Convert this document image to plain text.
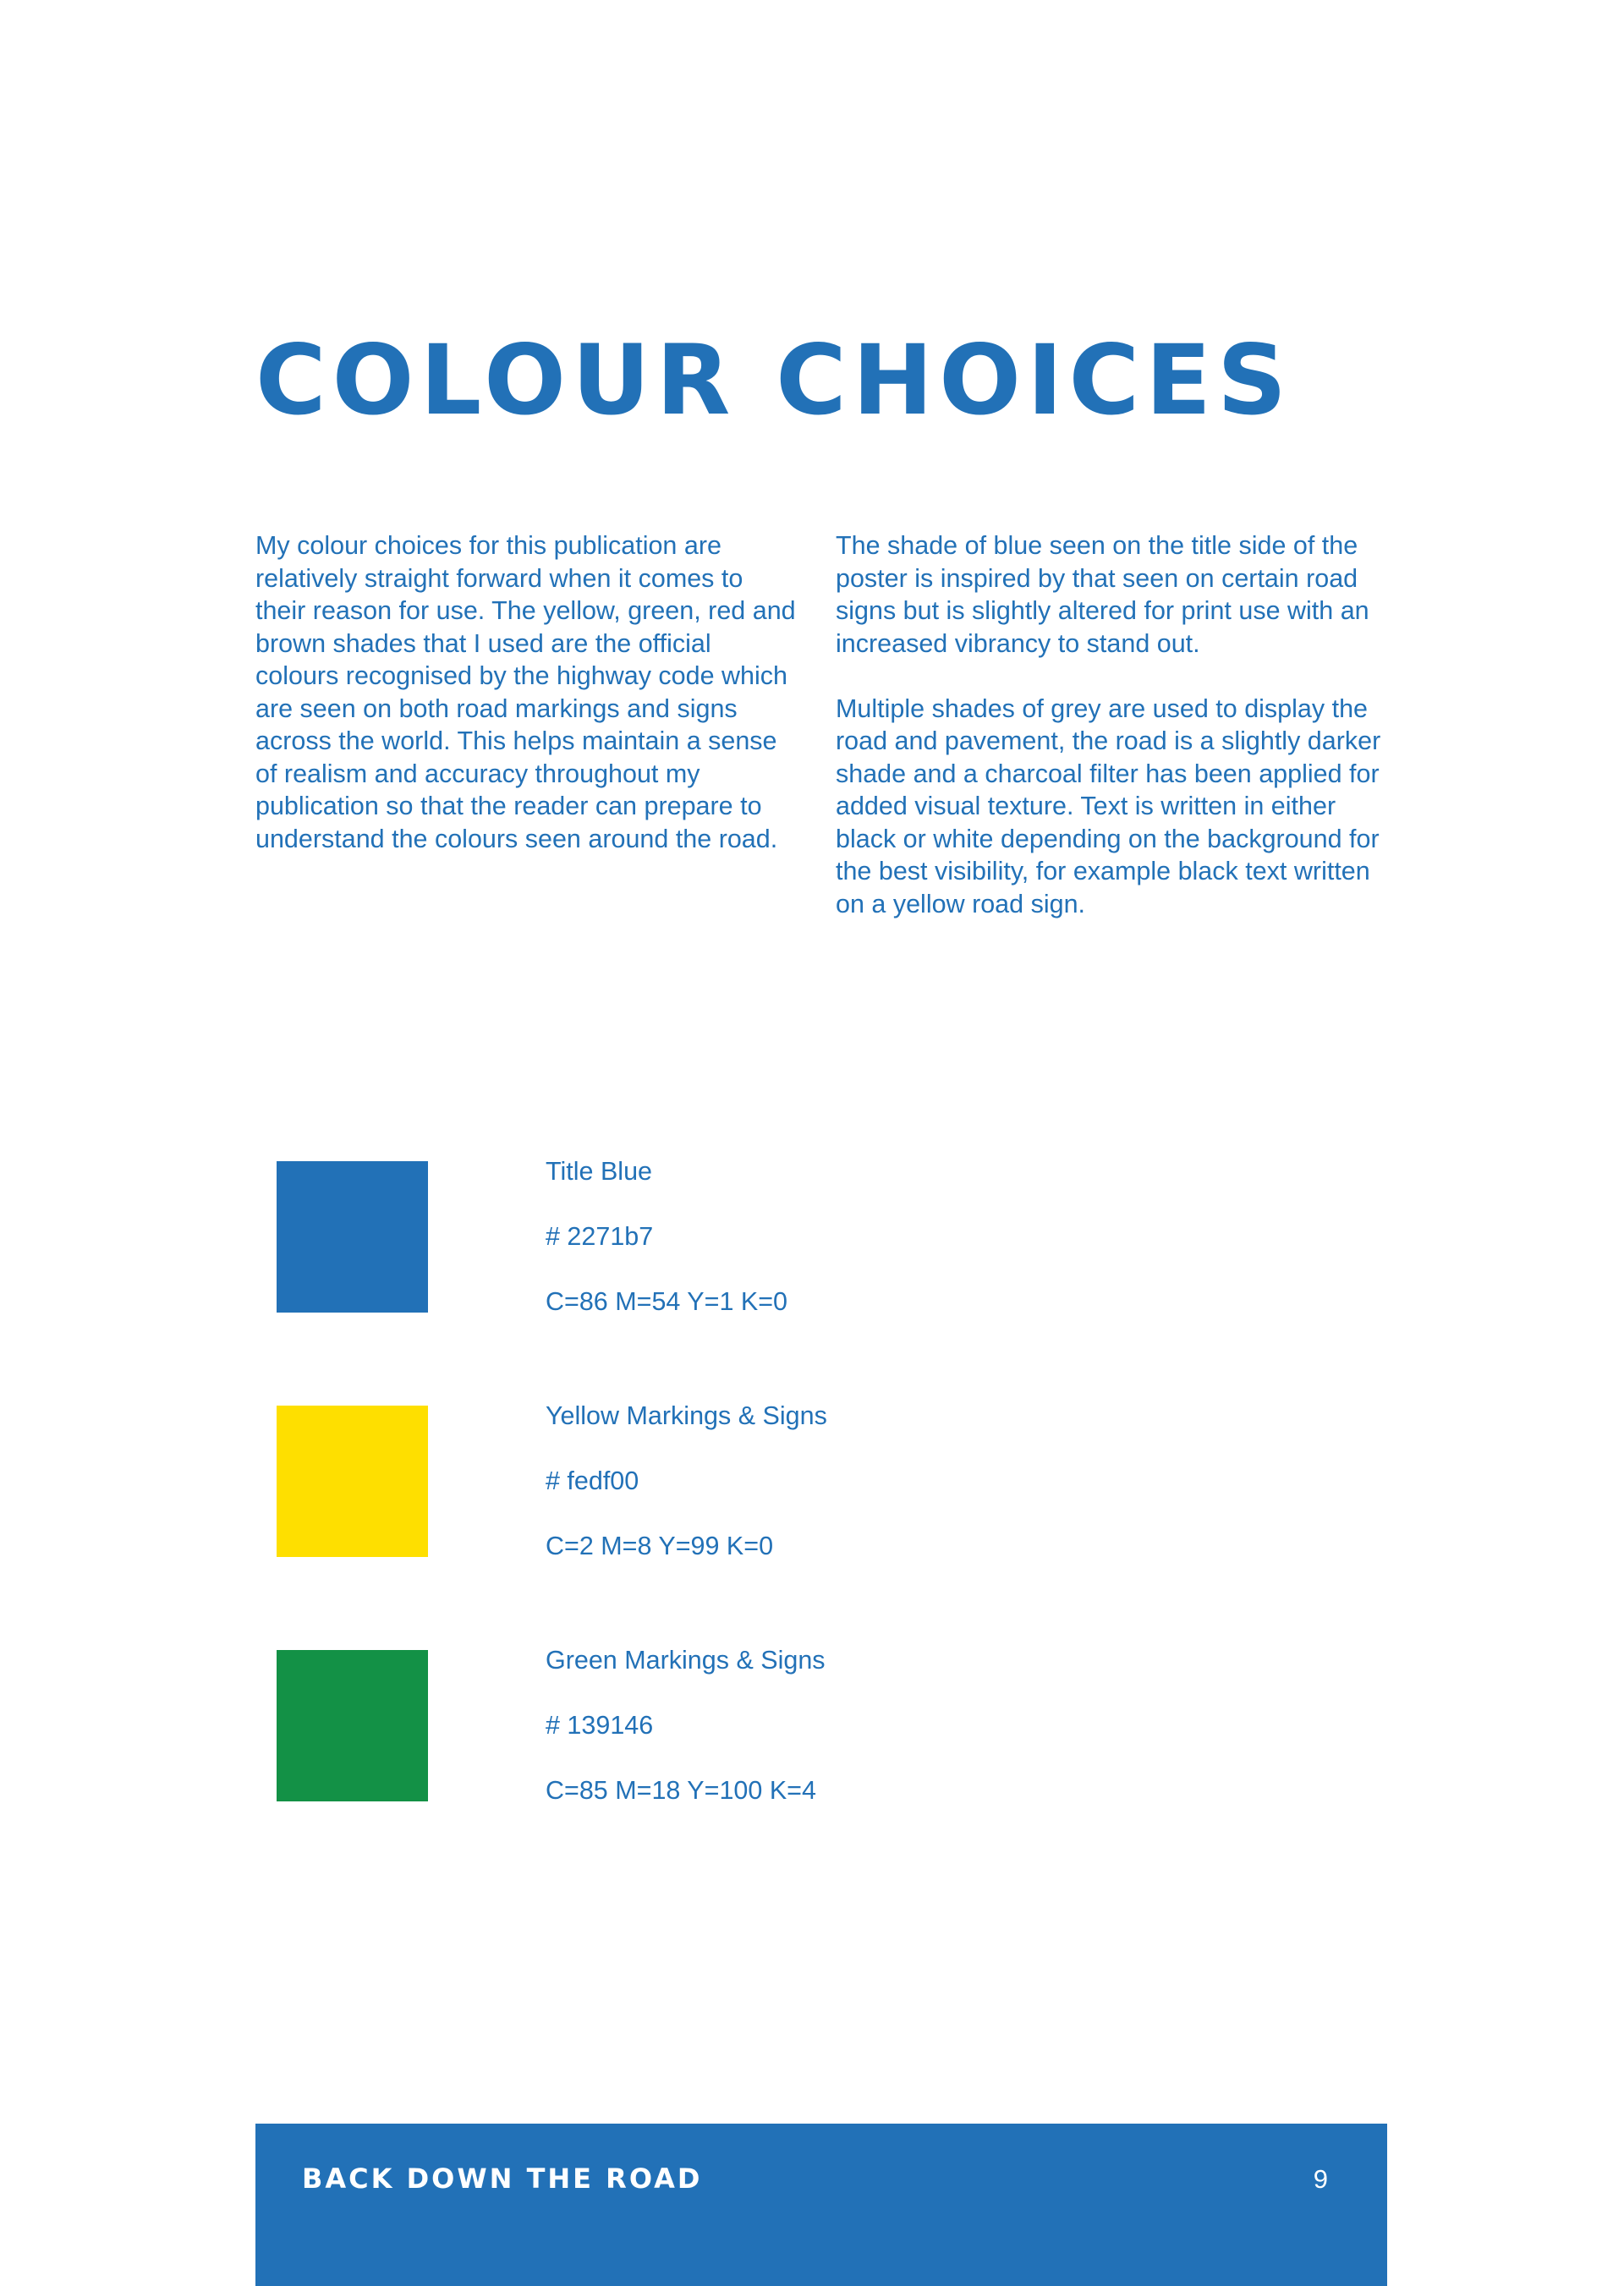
COLOUR CHOICES

My colour choices for this publication are relatively straight forward when it comes to their reason for use. The yellow, green, red and brown shades that I used are the official colours recognised by the highway code which are seen on both road markings and signs across the world. This helps maintain a sense of realism and accuracy throughout my publication so that the reader can prepare to understand the colours seen around the road.

The shade of blue seen on the title side of the poster is inspired by that seen on certain road signs but is slightly altered for print use with an increased vibrancy to stand out.

Multiple shades of grey are used to display the road and pavement, the road is a slightly darker shade and a charcoal filter has been applied for added visual texture. Text is written in either black or white depending on the background for the best visibility, for example black text written on a yellow road sign.

Title Blue
# 2271b7
C=86 M=54 Y=1 K=0
Yellow Markings & Signs
# fedf00
C=2 M=8 Y=99 K=0
Green Markings & Signs
# 139146
C=85 M=18 Y=100 K=4
BACK DOWN THE ROAD	9
